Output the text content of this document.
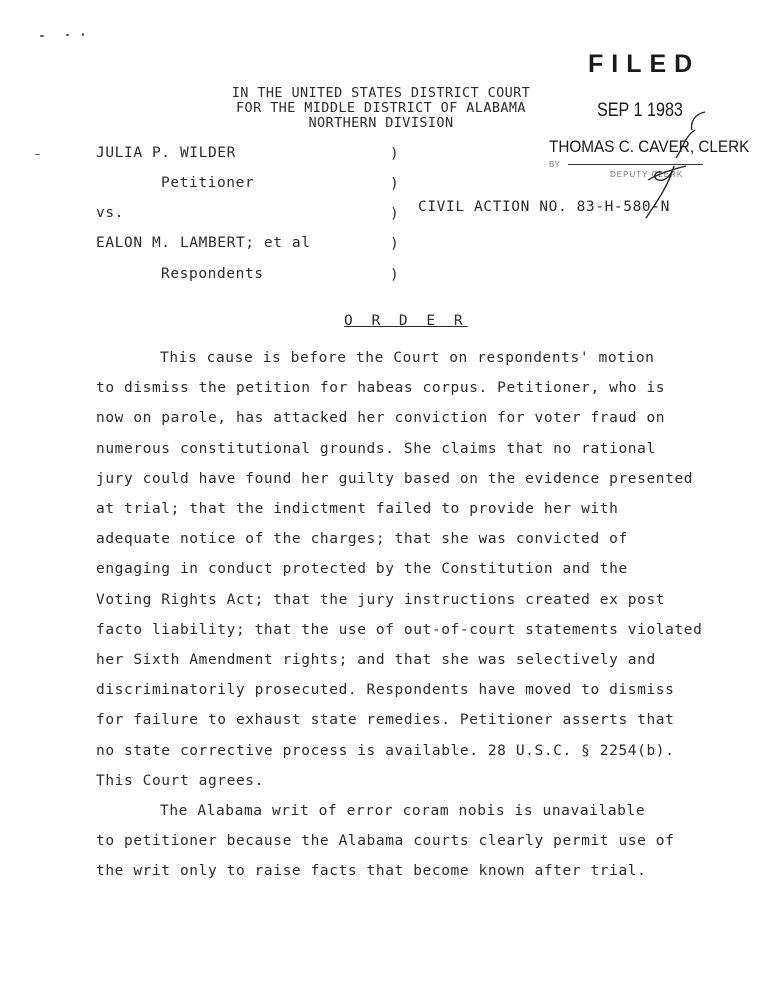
FILED
SEP 1 1983
THOMAS C. CAVER, CLERK
BY
DEPUTY CLERK
IN THE UNITED STATES DISTRICT COURT
FOR THE MIDDLE DISTRICT OF ALABAMA
NORTHERN DIVISION
JULIA P. WILDER
Petitioner
vs.
EALON M. LAMBERT; et al
Respondents
)
)
)
)
)
CIVIL ACTION NO. 83-H-580-N
O R D E R
This cause is before the Court on respondents' motion
to dismiss the petition for habeas corpus. Petitioner, who is
now on parole, has attacked her conviction for voter fraud on
numerous constitutional grounds. She claims that no rational
jury could have found her guilty based on the evidence presented
at trial; that the indictment failed to provide her with
adequate notice of the charges; that she was convicted of
engaging in conduct protected by the Constitution and the
Voting Rights Act; that the jury instructions created ex post
facto liability; that the use of out-of-court statements violated
her Sixth Amendment rights; and that she was selectively and
discriminatorily prosecuted. Respondents have moved to dismiss
for failure to exhaust state remedies. Petitioner asserts that
no state corrective process is available. 28 U.S.C. § 2254(b).
This Court agrees.
The Alabama writ of error coram nobis is unavailable
to petitioner because the Alabama courts clearly permit use of
the writ only to raise facts that become known after trial.
